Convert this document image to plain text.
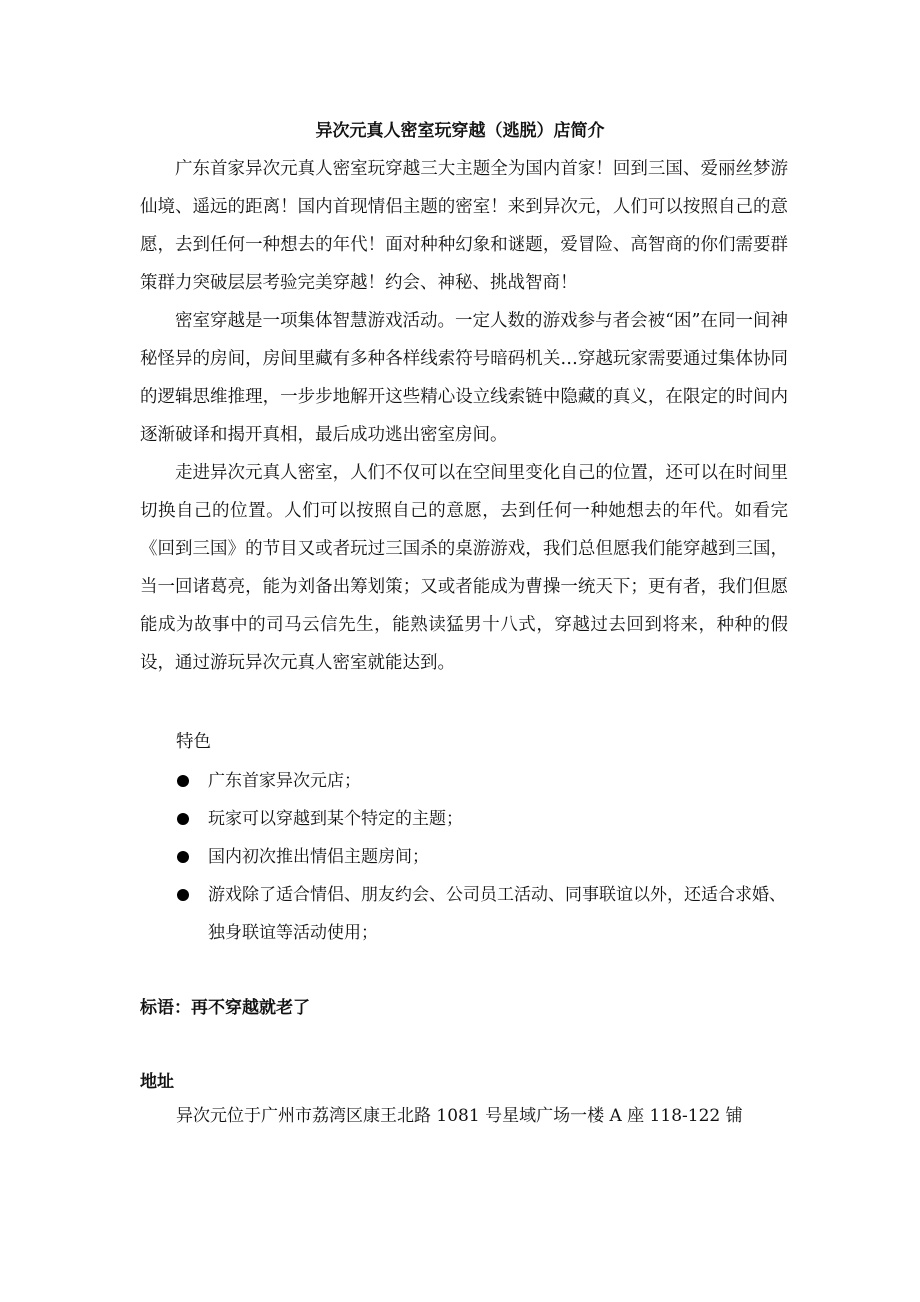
异次元真人密室玩穿越（逃脱）店简介

广东首家异次元真人密室玩穿越三大主题全为国内首家！回到三国、爱丽丝梦游仙境、遥远的距离！国内首现情侣主题的密室！来到异次元，人们可以按照自己的意愿，去到任何一种想去的年代！面对种种幻象和谜题，爱冒险、高智商的你们需要群策群力突破层层考验完美穿越！约会、神秘、挑战智商！

密室穿越是一项集体智慧游戏活动。一定人数的游戏参与者会被“困”在同一间神秘怪异的房间，房间里藏有多种各样线索符号暗码机关…穿越玩家需要通过集体协同的逻辑思维推理，一步步地解开这些精心设立线索链中隐藏的真义，在限定的时间内逐渐破译和揭开真相，最后成功逃出密室房间。

走进异次元真人密室，人们不仅可以在空间里变化自己的位置，还可以在时间里切换自己的位置。人们可以按照自己的意愿，去到任何一种她想去的年代。如看完《回到三国》的节目又或者玩过三国杀的桌游游戏，我们总但愿我们能穿越到三国，当一回诸葛亮，能为刘备出筹划策；又或者能成为曹操一统天下；更有者，我们但愿能成为故事中的司马云信先生，能熟读猛男十八式，穿越过去回到将来，种种的假设，通过游玩异次元真人密室就能达到。

特色
广东首家异次元店；
玩家可以穿越到某个特定的主题；
国内初次推出情侣主题房间；
游戏除了适合情侣、朋友约会、公司员工活动、同事联谊以外，还适合求婚、独身联谊等活动使用；
标语：再不穿越就老了
地址
异次元位于广州市荔湾区康王北路 1081 号星域广场一楼 A 座 118-122 铺
